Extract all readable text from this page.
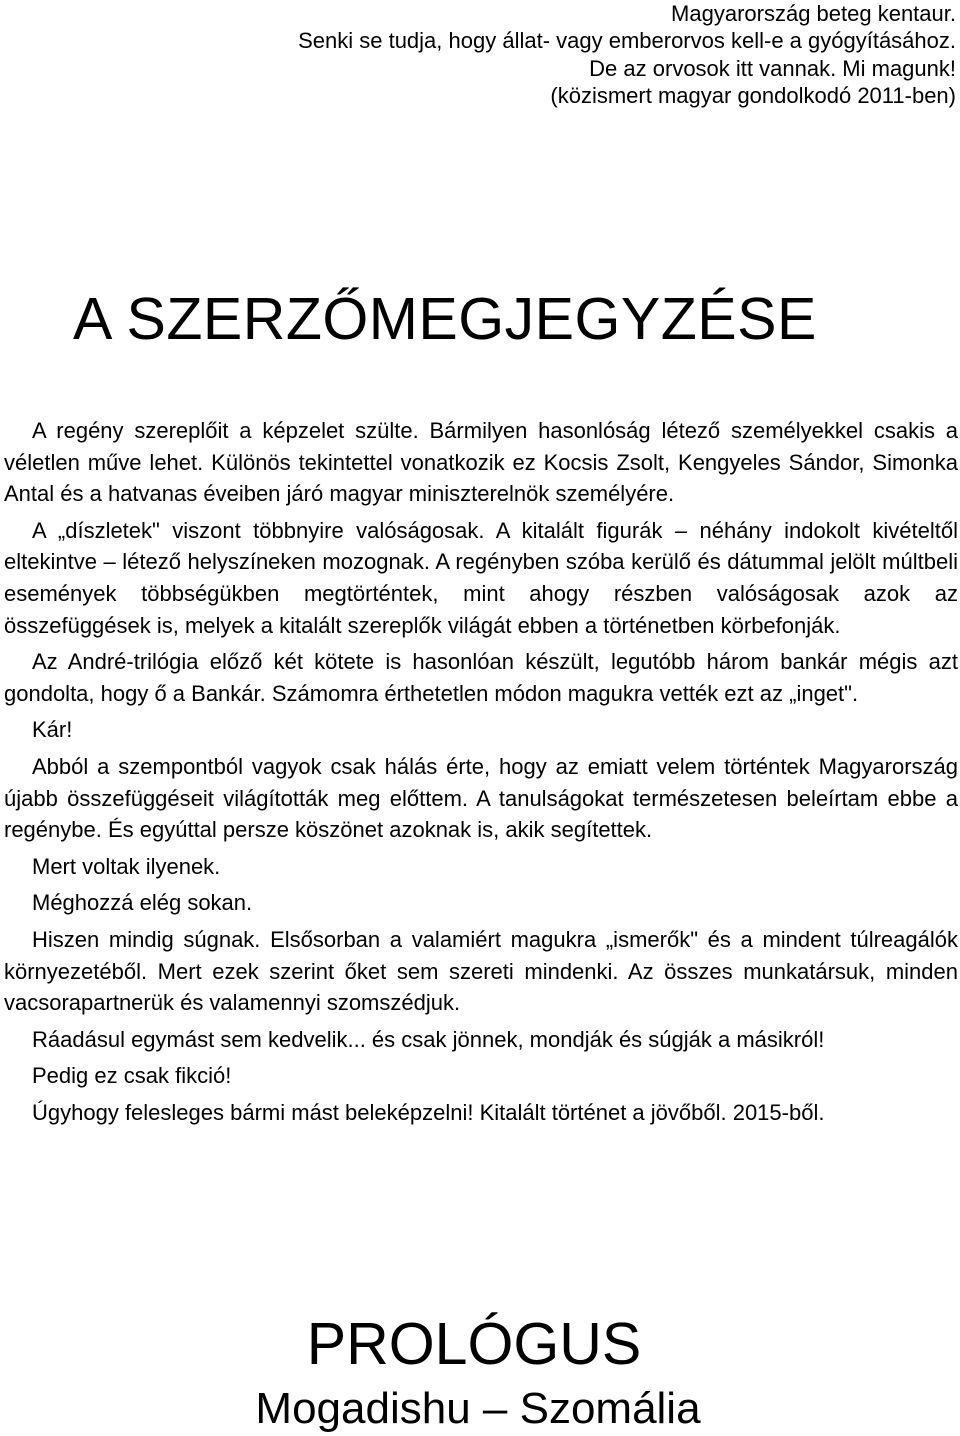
Magyarország beteg kentaur.
Senki se tudja, hogy állat- vagy emberorvos kell-e a gyógyításához.
De az orvosok itt vannak. Mi magunk!
(közismert magyar gondolkodó 2011-ben)
A SZERZŐMEGJEGYZÉSE

A regény szereplőit a képzelet szülte. Bármilyen hasonlóság létező személyekkel csakis a véletlen műve lehet. Különös tekintettel vonatkozik ez Kocsis Zsolt, Kengyeles Sándor, Simonka Antal és a hatvanas éveiben járó magyar miniszterelnök személyére.

A „díszletek" viszont többnyire valóságosak. A kitalált figurák – néhány indokolt kivételtől eltekintve – létező helyszíneken mozognak. A regényben szóba kerülő és dátummal jelölt múltbeli események többségükben megtörténtek, mint ahogy részben valóságosak azok az összefüggések is, melyek a kitalált szereplők világát ebben a történetben körbefonják.

Az André-trilógia előző két kötete is hasonlóan készült, legutóbb három bankár mégis azt gondolta, hogy ő a Bankár. Számomra érthetetlen módon magukra vették ezt az „inget".

Kár!

Abból a szempontból vagyok csak hálás érte, hogy az emiatt velem történtek Magyarország újabb összefüggéseit világították meg előttem. A tanulságokat természetesen beleírtam ebbe a regénybe. És egyúttal persze köszönet azoknak is, akik segítettek.

Mert voltak ilyenek.

Méghozzá elég sokan.

Hiszen mindig súgnak. Elsősorban a valamiért magukra „ismerők" és a mindent túlreagálók környezetéből. Mert ezek szerint őket sem szereti mindenki. Az összes munkatársuk, minden vacsorapartnerük és valamennyi szomszédjuk.

Ráadásul egymást sem kedvelik... és csak jönnek, mondják és súgják a másikról!

Pedig ez csak fikció!

Úgyhogy felesleges bármi mást beleképzelni! Kitalált történet a jövőből. 2015-ből.

PROLÓGUS
Mogadishu – Szomália
